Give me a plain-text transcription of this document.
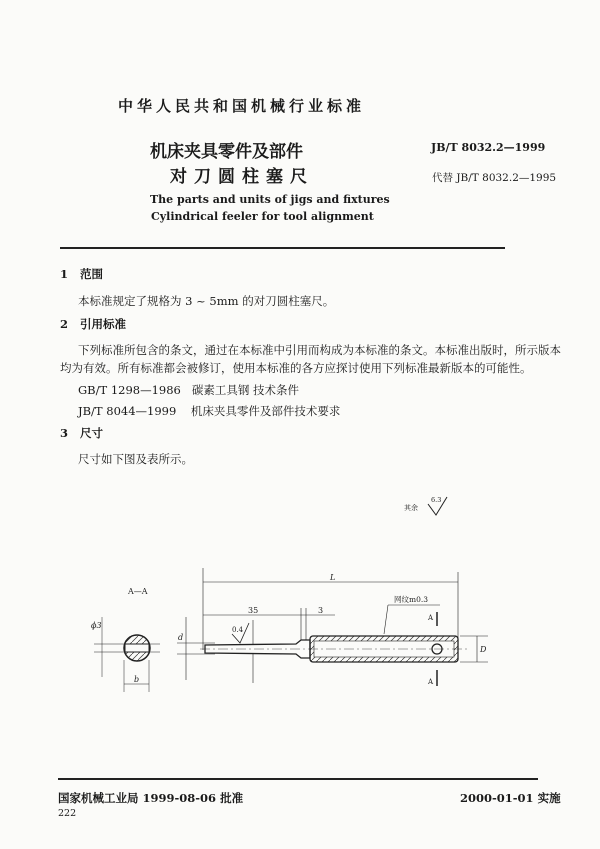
中华人民共和国机械行业标准
机床夹具零件及部件
对刀圆柱塞尺
The parts and units of jigs and fixtures
Cylindrical feeler for tool alignment
JB/T 8032.2—1999
代替 JB/T 8032.2—1995
1 范围
本标准规定了规格为 3 ~ 5mm 的对刀圆柱塞尺。
2 引用标准
下列标准所包含的条文，通过在本标准中引用而构成为本标准的条文。本标准出版时，所示版本
均为有效。所有标准都会被修订，使用本标准的各方应探讨使用下列标准最新版本的可能性。
GB/T 1298—1986 碳素工具钢 技术条件
JB/T 8044—1999 机床夹具零件及部件技术要求
3 尺寸
尺寸如下图及表所示。
其余
6.3
A—A
ϕ3
b
L
35	3
d
D
0.4
网纹m0.3
A
A
国家机械工业局 1999-08-06 批准	2000-01-01 实施
222
